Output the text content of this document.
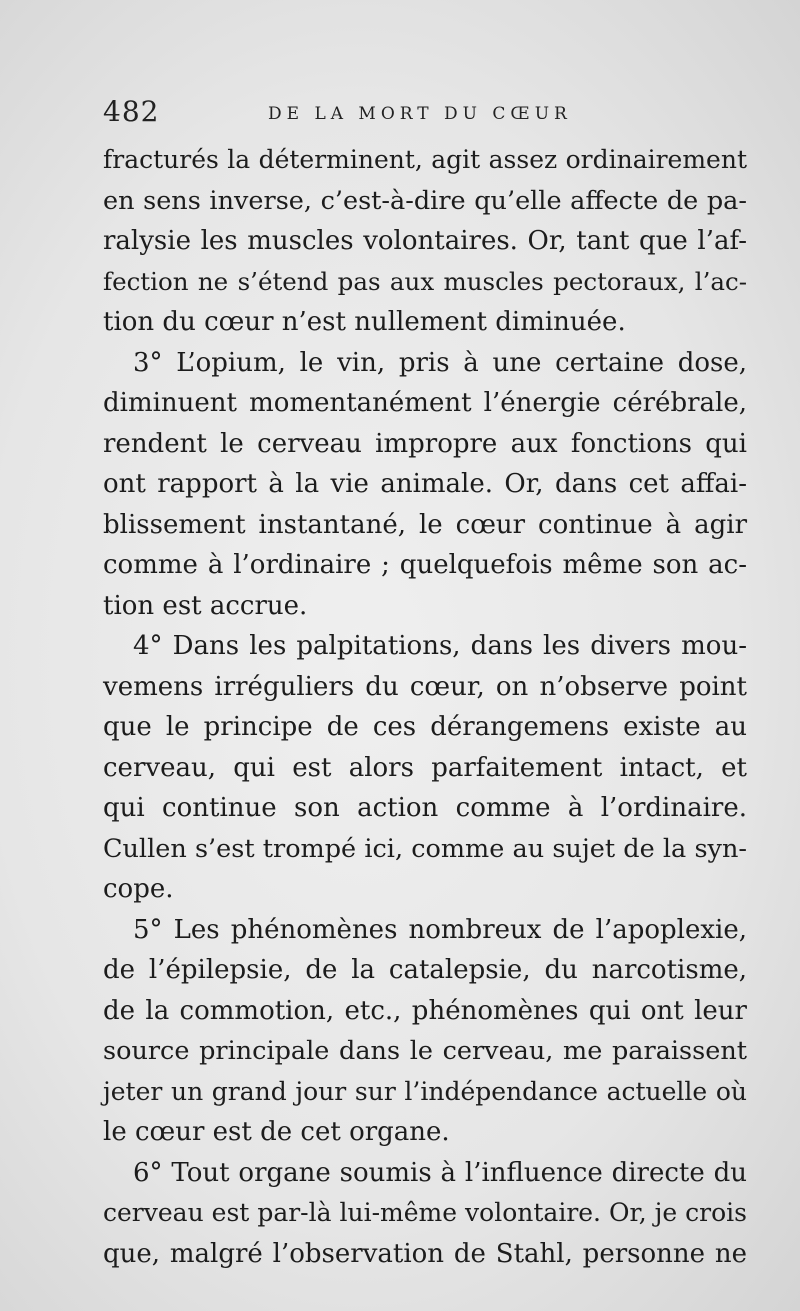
482	DE LA MORT DU CŒUR
fracturés la déterminent, agit assez ordinairement
en sens inverse, c’est-à-dire qu’elle affecte de pa-
ralysie les muscles volontaires. Or, tant que l’af-
fection ne s’étend pas aux muscles pectoraux, l’ac-
tion du cœur n’est nullement diminuée.
3° L’opium, le vin, pris à une certaine dose,
diminuent momentanément l’énergie cérébrale,
rendent le cerveau impropre aux fonctions qui
ont rapport à la vie animale. Or, dans cet affai-
blissement instantané, le cœur continue à agir
comme à l’ordinaire ; quelquefois même son ac-
tion est accrue.
4° Dans les palpitations, dans les divers mou-
vemens irréguliers du cœur, on n’observe point
que le principe de ces dérangemens existe au
cerveau, qui est alors parfaitement intact, et
qui continue son action comme à l’ordinaire.
Cullen s’est trompé ici, comme au sujet de la syn-
cope.
5° Les phénomènes nombreux de l’apoplexie,
de l’épilepsie, de la catalepsie, du narcotisme,
de la commotion, etc., phénomènes qui ont leur
source principale dans le cerveau, me paraissent
jeter un grand jour sur l’indépendance actuelle où
le cœur est de cet organe.
6° Tout organe soumis à l’influence directe du
cerveau est par-là lui-même volontaire. Or, je crois
que, malgré l’observation de Stahl, personne ne
